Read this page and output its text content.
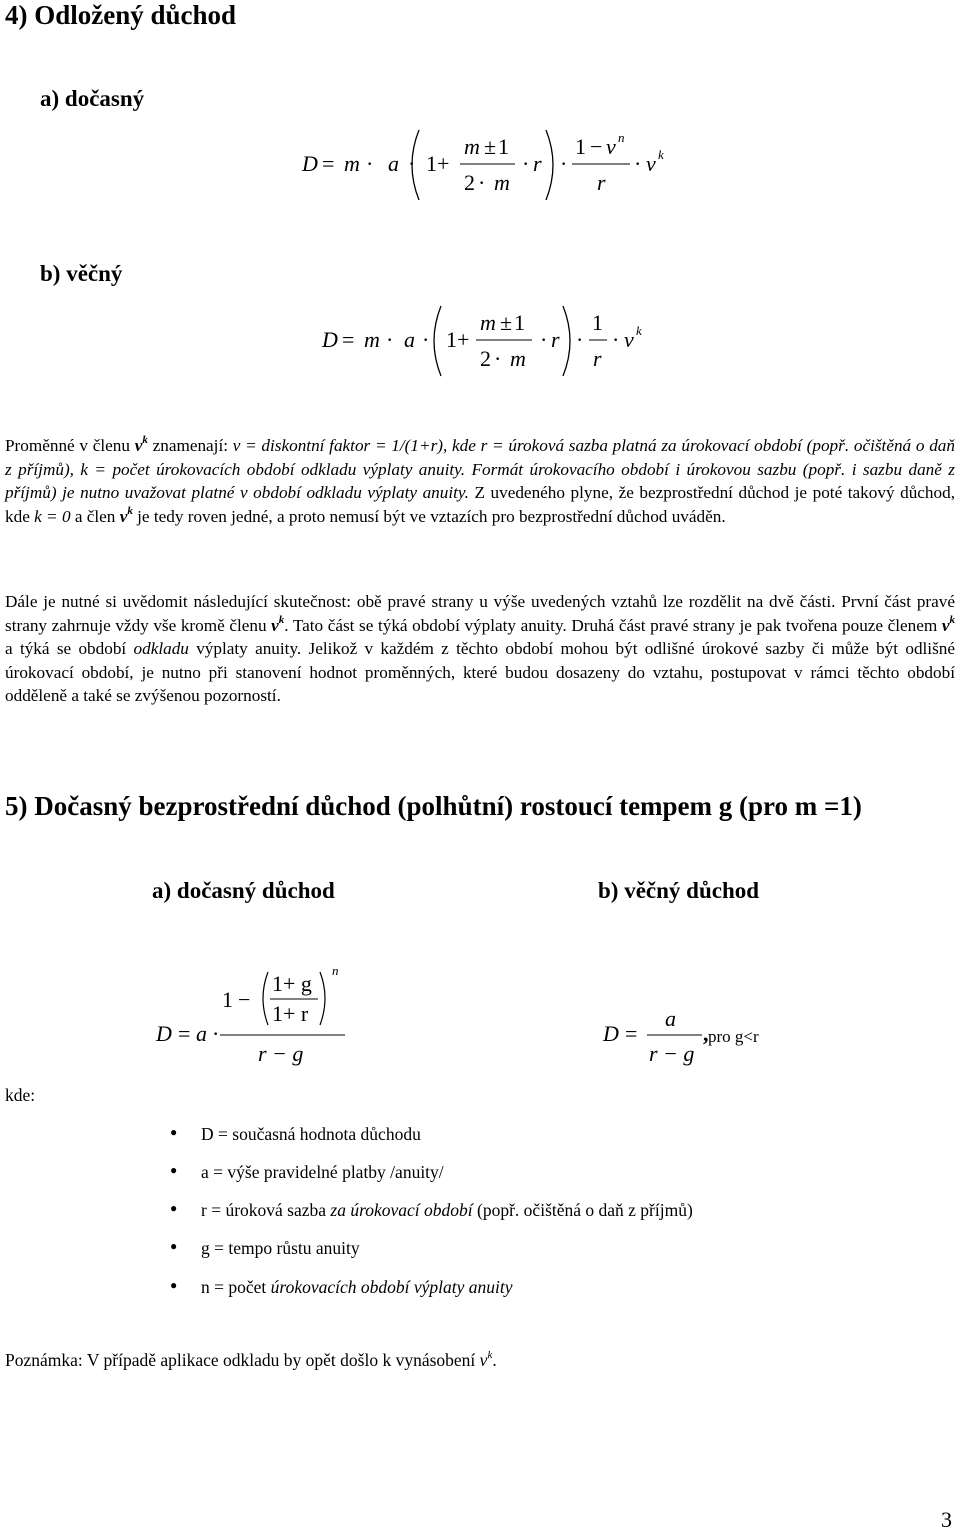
4) Odložený důchod
a) dočasný
D = m · a · 1+
m ± 1
2 · m
· r ·
1 − v n
r
· v k
b) věčný
D = m · a · 1+
m ± 1
2 · m
· r ·
1
r
· v k
Proměnné v členu $v^k$ znamenají: v = diskontní faktor = 1/(1+r), kde r = úroková sazba platná za úrokovací období (popř. očištěná o daň z příjmů), k = počet úrokovacích období odkladu výplaty anuity. Formát úrokovacího období i úrokovou sazbu (popř. i sazbu daně z příjmů) je nutno uvažovat platné v období odkladu výplaty anuity. Z uvedeného plyne, že bezprostřední důchod je poté takový důchod, kde k = 0 a člen $v^k$ je tedy roven jedné, a proto nemusí být ve vztazích pro bezprostřední důchod uváděn.
Dále je nutné si uvědomit následující skutečnost: obě pravé strany u výše uvedených vztahů lze rozdělit na dvě části. První část pravé strany zahrnuje vždy vše kromě členu $v^k$. Tato část se týká období výplaty anuity. Druhá část pravé strany je pak tvořena pouze členem $v^k$ a týká se období odkladu výplaty anuity. Jelikož v každém z těchto období mohou být odlišné úrokové sazby či může být odlišné úrokovací období, je nutno při stanovení hodnot proměnných, které budou dosazeny do vztahu, postupovat v rámci těchto období odděleně a také se zvýšenou pozorností.
5) Dočasný bezprostřední důchod (polhůtní) rostoucí tempem g (pro m =1)
a) dočasný důchod	b) věčný důchod
D = a ·
1 −
1+ g
1+ r
n
r − g
D =
a
r − g
, pro g<r
kde:
D = současná hodnota důchodu
a = výše pravidelné platby /anuity/
r = úroková sazba za úrokovací období (popř. očištěná o daň z příjmů)
g = tempo růstu anuity
n = počet úrokovacích období výplaty anuity
Poznámka: V případě aplikace odkladu by opět došlo k vynásobení $v^k$.
3
